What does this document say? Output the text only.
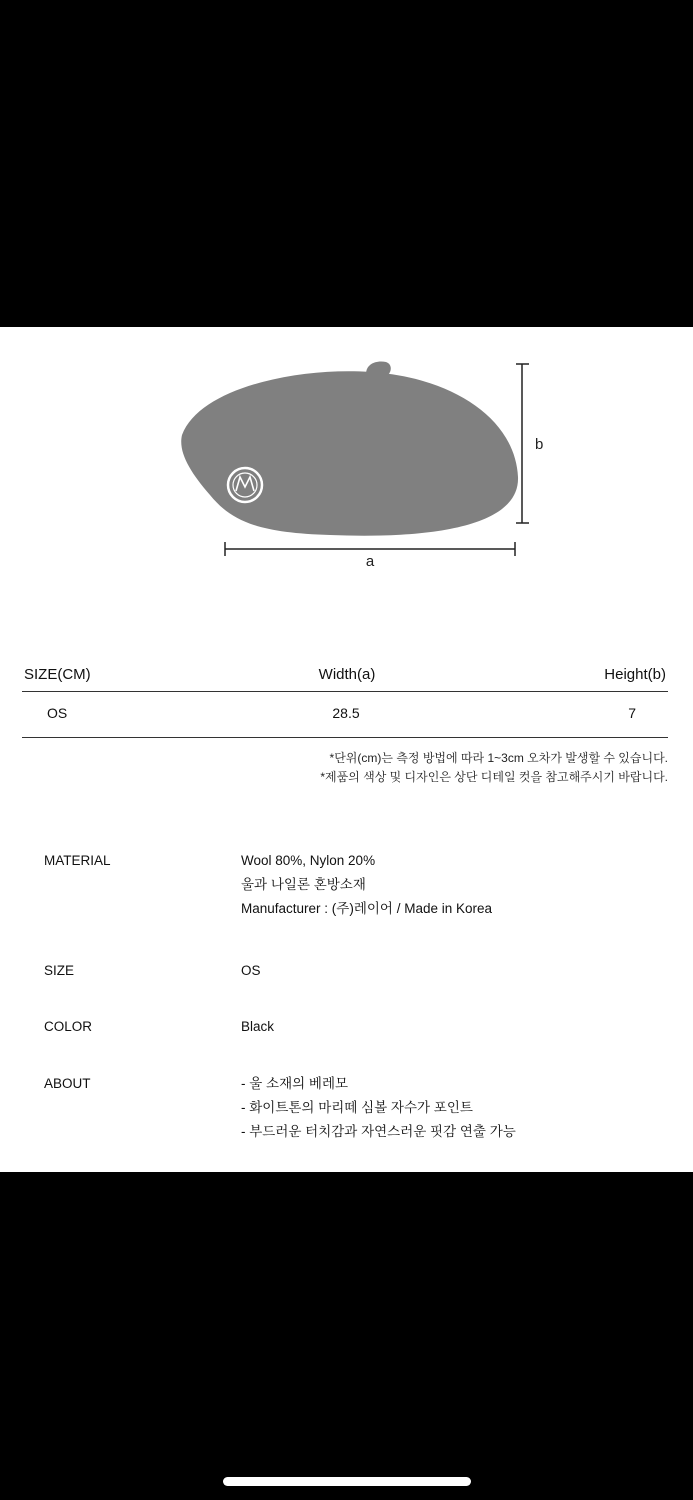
a
b
SIZE(CM)	Width(a)	Height(b)
OS	28.5	7
*단위(cm)는 측정 방법에 따라 1~3cm 오차가 발생할 수 있습니다.
*제품의 색상 및 디자인은 상단 디테일 컷을 참고해주시기 바랍니다.
MATERIAL	Wool 80%, Nylon 20%
울과 나일론 혼방소재
Manufacturer : (주)레이어 / Made in Korea
SIZE	OS
COLOR	Black
ABOUT	- 울 소재의 베레모
- 화이트톤의 마리떼 심볼 자수가 포인트
- 부드러운 터치감과 자연스러운 핏감 연출 가능
